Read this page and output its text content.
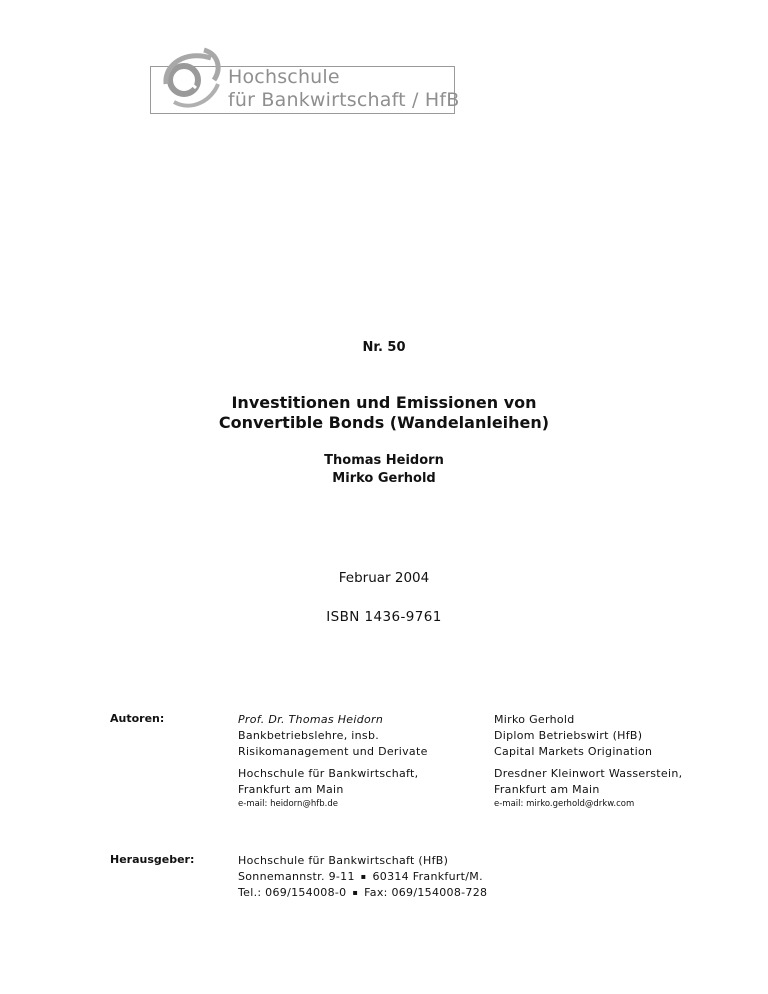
Hochschule
für Bankwirtschaft / HfB
Nr. 50
Investitionen und Emissionen von
Convertible Bonds (Wandelanleihen)
Thomas Heidorn
Mirko Gerhold
Februar 2004
ISBN 1436-9761
Autoren:	Prof. Dr. Thomas Heidorn
Bankbetriebslehre, insb.
Risikomanagement und Derivate
Mirko Gerhold
Diplom Betriebswirt (HfB)
Capital Markets Origination
Hochschule für Bankwirtschaft,
Frankfurt am Main
e-mail: heidorn@hfb.de
Dresdner Kleinwort Wasserstein,
Frankfurt am Main
e-mail: mirko.gerhold@drkw.com
Herausgeber:	Hochschule für Bankwirtschaft (HfB)
Sonnemannstr. 9-11 ▪ 60314 Frankfurt/M.
Tel.: 069/154008-0 ▪ Fax: 069/154008-728
